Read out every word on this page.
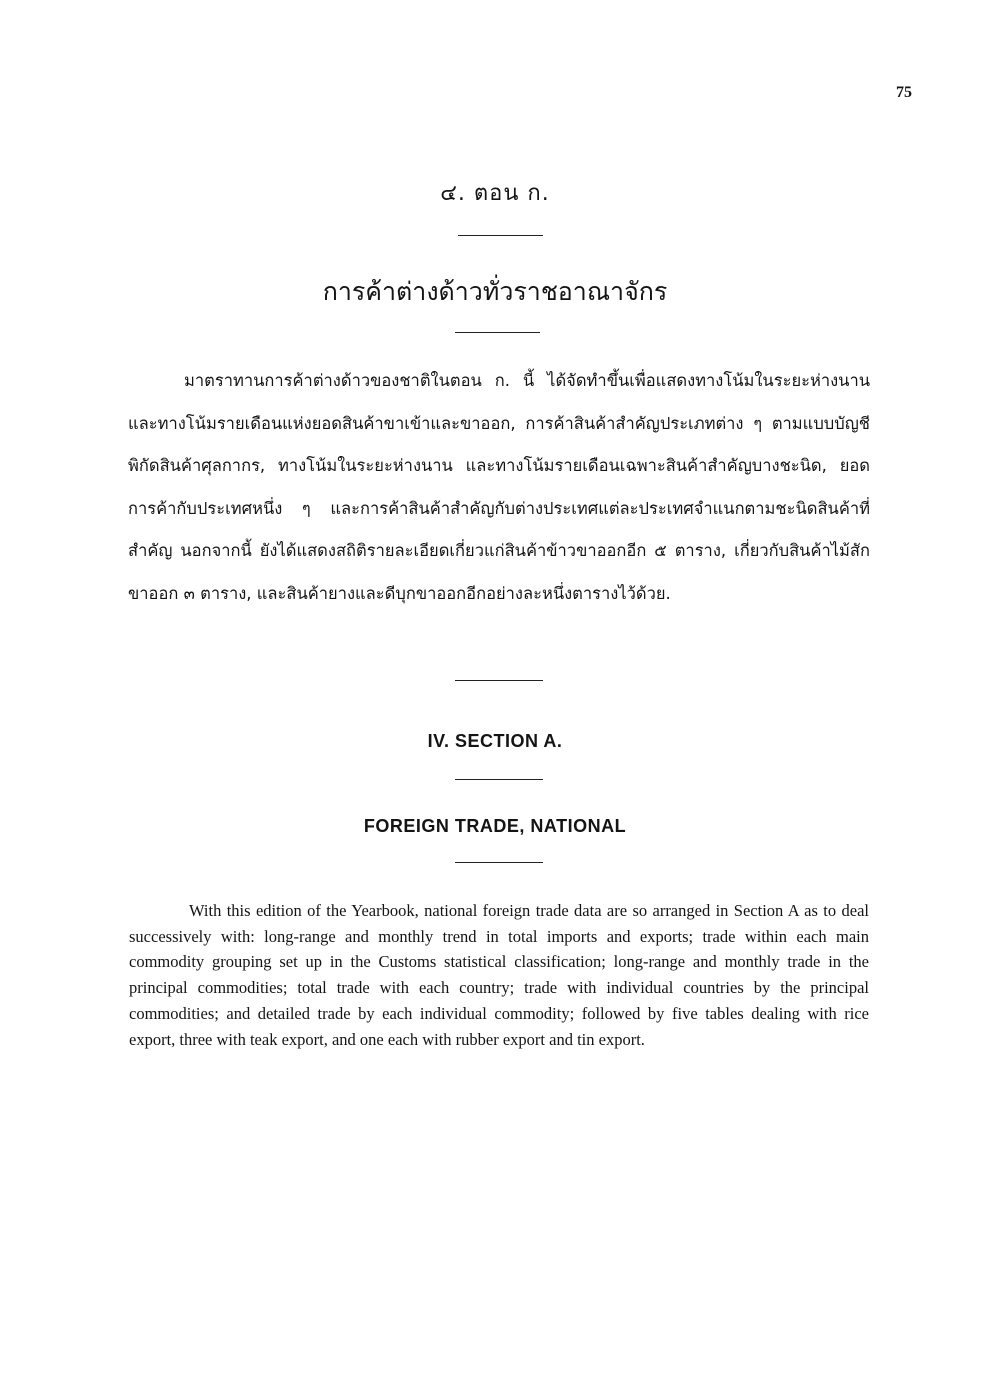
75
๔. ตอน ก.
การค้าต่างด้าวทั่วราชอาณาจักร

มาตราทานการค้าต่างด้าวของชาติในตอน ก. นี้ ได้จัดทำขึ้นเพื่อแสดงทางโน้มในระยะห่างนานและทางโน้มรายเดือนแห่งยอดสินค้าขาเข้าและขาออก, การค้าสินค้าสำคัญประเภทต่าง ๆ ตามแบบบัญชีพิกัดสินค้าศุลกากร, ทางโน้มในระยะห่างนาน และทางโน้มรายเดือนเฉพาะสินค้าสำคัญบางชะนิด, ยอดการค้ากับประเทศหนึ่ง ๆ และการค้าสินค้าสำคัญกับต่างประเทศแต่ละประเทศจำแนกตามชะนิดสินค้าที่สำคัญ นอกจากนี้ ยังได้แสดงสถิติรายละเอียดเกี่ยวแก่สินค้าข้าวขาออกอีก ๕ ตาราง, เกี่ยวกับสินค้าไม้สักขาออก ๓ ตาราง, และสินค้ายางและดีบุกขาออกอีกอย่างละหนึ่งตารางไว้ด้วย.

IV. SECTION A.
FOREIGN TRADE, NATIONAL

With this edition of the Yearbook, national foreign trade data are so arranged in Section A as to deal successively with: long-range and monthly trend in total imports and exports; trade within each main commodity grouping set up in the Customs statistical classification; long-range and monthly trade in the principal commodities; total trade with each country; trade with individual countries by the principal commodities; and detailed trade by each individual commodity; followed by five tables dealing with rice export, three with teak export, and one each with rubber export and tin export.
